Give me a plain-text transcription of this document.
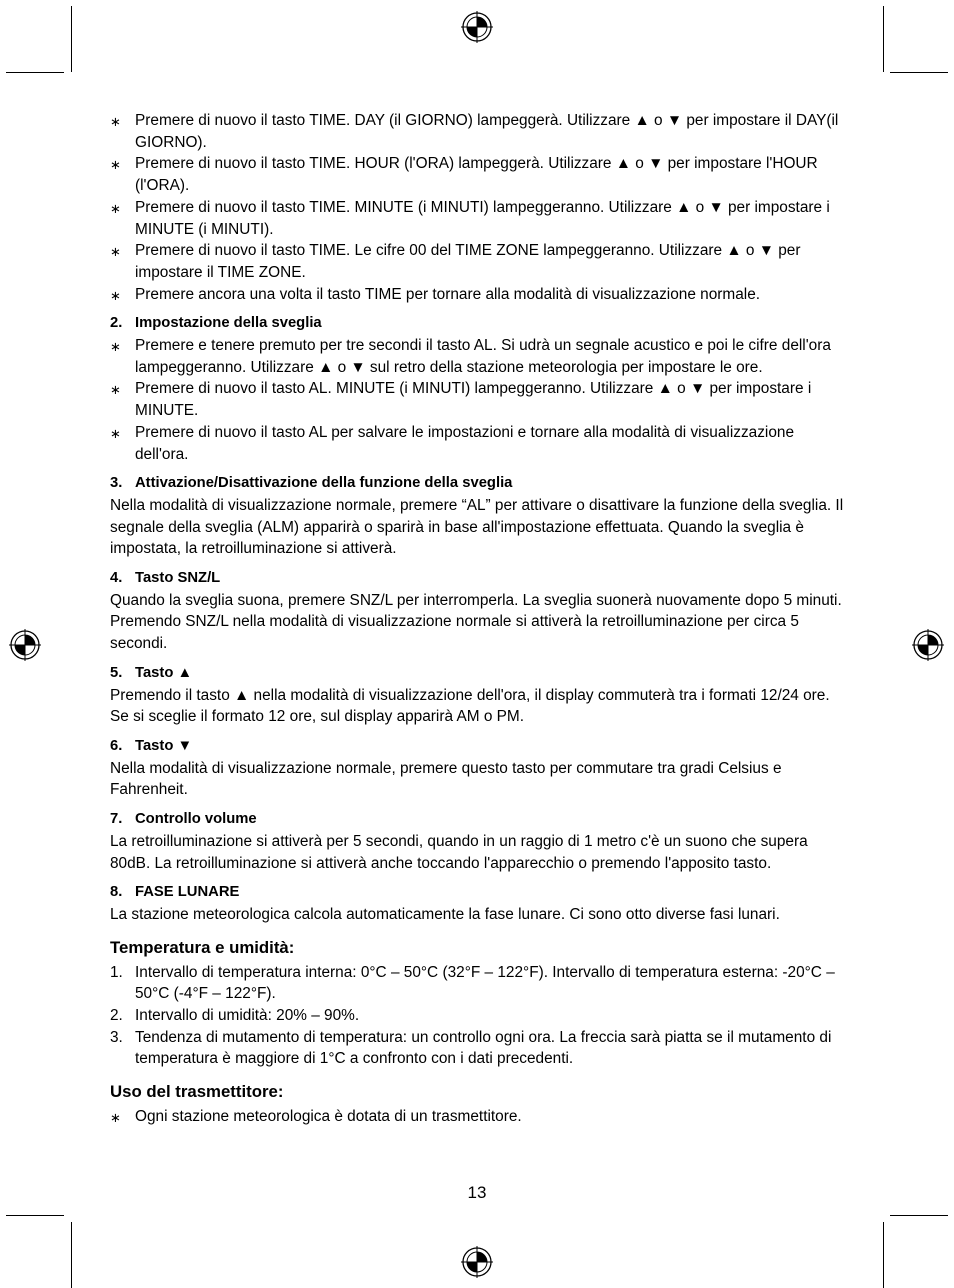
∗ Premere di nuovo il tasto TIME. DAY (il GIORNO) lampeggerà. Utilizzare ▲ o ▼ per impostare il DAY(il GIORNO).
∗ Premere di nuovo il tasto TIME. HOUR (l'ORA) lampeggerà. Utilizzare ▲ o ▼ per impostare l'HOUR (l'ORA).
∗ Premere di nuovo il tasto TIME. MINUTE (i MINUTI) lampeggeranno. Utilizzare ▲ o ▼ per impostare i MINUTE (i MINUTI).
∗ Premere di nuovo il tasto TIME. Le cifre 00 del TIME ZONE lampeggeranno. Utilizzare ▲ o ▼ per impostare il TIME ZONE.
∗ Premere ancora una volta il tasto TIME per tornare alla modalità di visualizzazione normale.
2. Impostazione della sveglia
∗ Premere e tenere premuto per tre secondi il tasto AL. Si udrà un segnale acustico e poi le cifre dell'ora lampeggeranno. Utilizzare ▲ o ▼ sul retro della stazione meteorologia per impostare le ore.
∗ Premere di nuovo il tasto AL. MINUTE (i MINUTI) lampeggeranno. Utilizzare ▲ o ▼ per impostare i MINUTE.
∗ Premere di nuovo il tasto AL per salvare le impostazioni e tornare alla modalità di visualizzazione dell'ora.
3. Attivazione/Disattivazione della funzione della sveglia

Nella modalità di visualizzazione normale, premere “AL” per attivare o disattivare la funzione della sveglia. Il segnale della sveglia (ALM) apparirà o sparirà in base all'impostazione effettuata. Quando la sveglia è impostata, la retroilluminazione si attiverà.

4. Tasto SNZ/L

Quando la sveglia suona, premere SNZ/L per interromperla. La sveglia suonerà nuovamente dopo 5 minuti. Premendo SNZ/L nella modalità di visualizzazione normale si attiverà la retroilluminazione per circa 5 secondi.

5. Tasto ▲

Premendo il tasto ▲ nella modalità di visualizzazione dell'ora, il display commuterà tra i formati 12/24 ore. Se si sceglie il formato 12 ore, sul display apparirà AM o PM.

6. Tasto ▼

Nella modalità di visualizzazione normale, premere questo tasto per commutare tra gradi Celsius e Fahrenheit.

7. Controllo volume

La retroilluminazione si attiverà per 5 secondi, quando in un raggio di 1 metro c'è un suono che supera 80dB. La retroilluminazione si attiverà anche toccando l'apparecchio o premendo l'apposito tasto.

8. FASE LUNARE

La stazione meteorologica calcola automaticamente la fase lunare. Ci sono otto diverse fasi lunari.

Temperatura e umidità:
1. Intervallo di temperatura interna: 0°C – 50°C (32°F – 122°F). Intervallo di temperatura esterna: -20°C – 50°C (-4°F – 122°F).
2. Intervallo di umidità: 20% – 90%.
3. Tendenza di mutamento di temperatura: un controllo ogni ora. La freccia sarà piatta se il mutamento di temperatura è maggiore di 1°C a confronto con i dati precedenti.
Uso del trasmettitore:
∗ Ogni stazione meteorologica è dotata di un trasmettitore.
13
